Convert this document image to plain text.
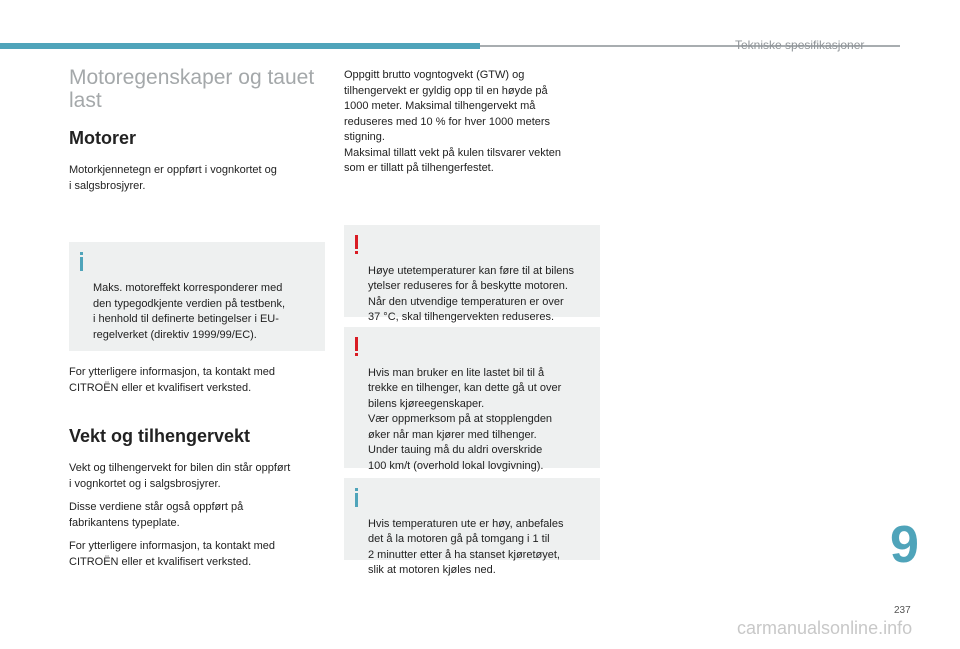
Tekniske spesifikasjoner
Motoregenskaper og tauet last
Motorer

Motorkjennetegn er oppført i vognkortet og
i salgsbrosjyrer.

Maks. motoreffekt korresponderer med
den typegodkjente verdien på testbenk,
i henhold til definerte betingelser i EU-
regelverket (direktiv 1999/99/EC).

For ytterligere informasjon, ta kontakt med
CITROËN eller et kvalifisert verksted.

Vekt og tilhengervekt

Vekt og tilhengervekt for bilen din står oppført
i vognkortet og i salgsbrosjyrer.

Disse verdiene står også oppført på
fabrikantens typeplate.

For ytterligere informasjon, ta kontakt med
CITROËN eller et kvalifisert verksted.

Oppgitt brutto vogntogvekt (GTW) og
tilhengervekt er gyldig opp til en høyde på
1000 meter. Maksimal tilhengervekt må
reduseres med 10 % for hver 1000 meters
stigning.
Maksimal tillatt vekt på kulen tilsvarer vekten
som er tillatt på tilhengerfestet.

Høye utetemperaturer kan føre til at bilens
ytelser reduseres for å beskytte motoren.
Når den utvendige temperaturen er over
37 °C, skal tilhengervekten reduseres.

Hvis man bruker en lite lastet bil til å
trekke en tilhenger, kan dette gå ut over
bilens kjøreegenskaper.
Vær oppmerksom på at stopplengden
øker når man kjører med tilhenger.
Under tauing må du aldri overskride
100 km/t (overhold lokal lovgivning).

Hvis temperaturen ute er høy, anbefales
det å la motoren gå på tomgang i 1 til
2 minutter etter å ha stanset kjøretøyet,
slik at motoren kjøles ned.	9
237
carmanualsonline.info
